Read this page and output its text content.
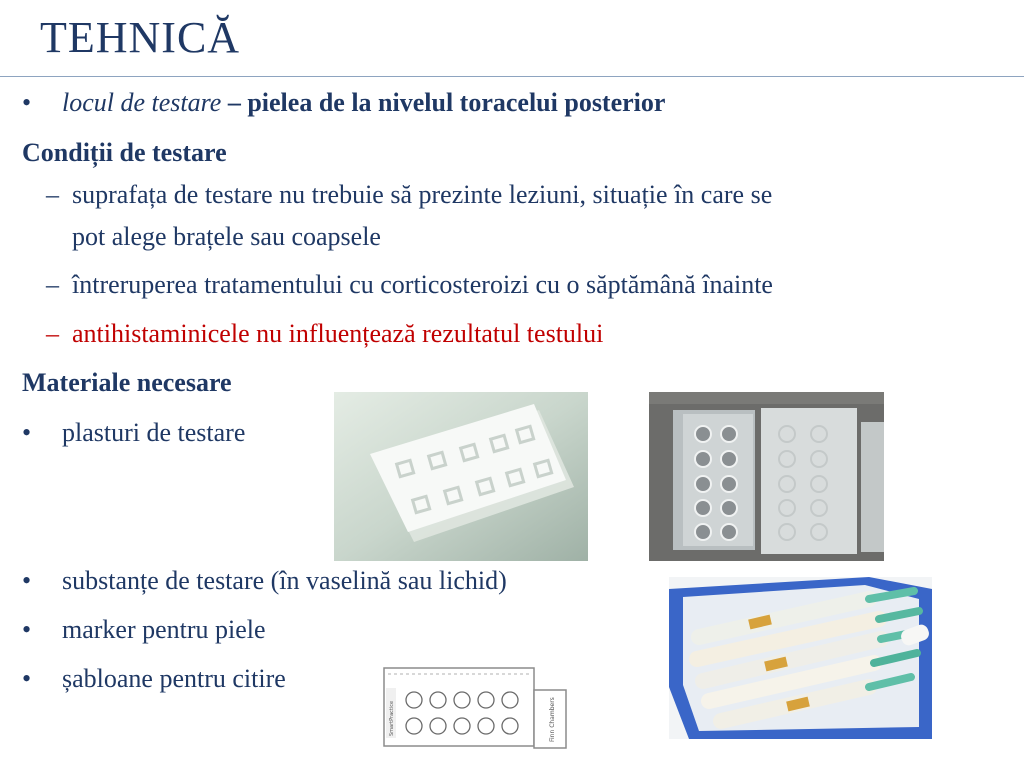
TEHNICĂ
• locul de testare – pielea de la nivelul toracelui posterior
Condiții de testare
– suprafața de testare nu trebuie să prezinte leziuni, situație în care se
pot alege brațele sau coapsele
– întreruperea tratamentului cu corticosteroizi cu o săptămână înainte
– antihistaminicele nu influențează rezultatul testului
Materiale necesare
• plasturi de testare
• substanțe de testare (în vaselină sau lichid)
• marker pentru piele
• șabloane pentru citire
SmartPractice	Finn Chambers
